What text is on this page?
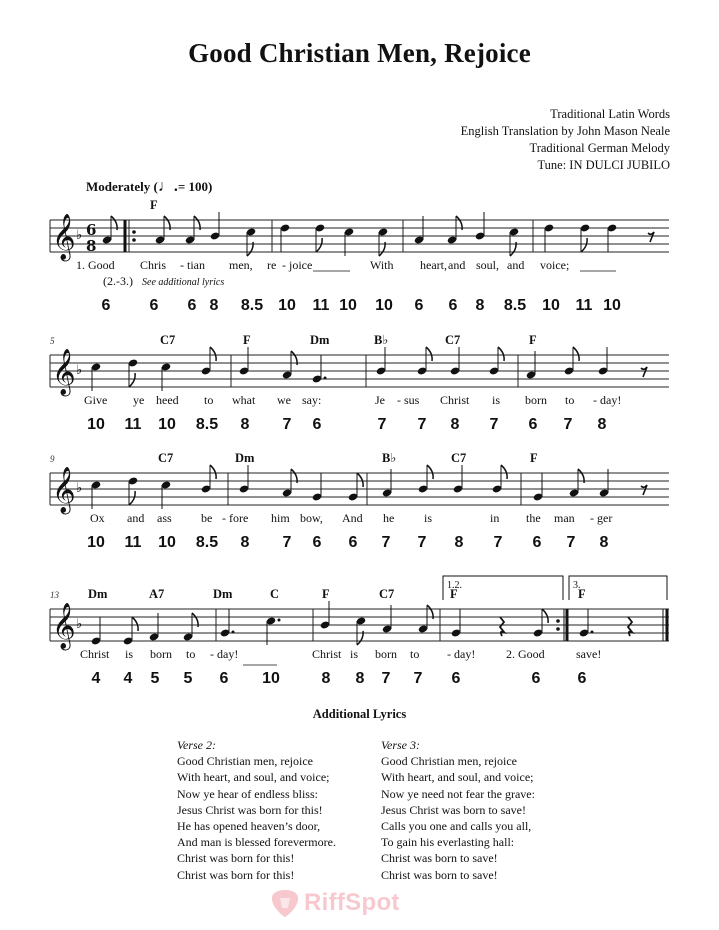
Good Christian Men, Rejoice
Traditional Latin Words
English Translation by John Mason Neale
Traditional German Melody
Tune: IN DULCI JUBILO
Moderately (♩.= 100)
𝄞 ♭ 6
8
𝄞 ♭
𝄞 ♭
𝄞 ♭
F
1. Good Chris - tian men, re - joice	With heart, and soul, and voice;
6 6 6 8 8.5 10 11 10 10 6 6 8 8.5 10 11 10
5	C7	F	Dm	B♭	C7	F
Give ye heed to what we say:	Je - sus Christ is born to - day!
10 11 10 8.5 8 7 6	7 7 8 7 6 7 8
9	C7	Dm	B♭	C7	F
Ox and ass be - fore him bow, And he is	in the man - ger
10 11 10 8.5 8 7 6 6 7 7 8 7 6 7 8
13
1.2.	3.
Dm	A7	Dm	C	F	C7	F	F
Christ is born to - day!	Christ is born to - day!	2. Good	save!
4 4 5 5 6 10	8 8 7 7 6	6 6
(2.-3.) See additional lyrics
Additional Lyrics
Verse 2:
Good Christian men, rejoice
With heart, and soul, and voice;
Now ye hear of endless bliss:
Jesus Christ was born for this!
He has opened heaven’s door,
And man is blessed forevermore.
Christ was born for this!
Christ was born for this!
Verse 3:
Good Christian men, rejoice
With heart, and soul, and voice;
Now ye need not fear the grave:
Jesus Christ was born to save!
Calls you one and calls you all,
To gain his everlasting hall:
Christ was born to save!
Christ was born to save!
RiffSpot
